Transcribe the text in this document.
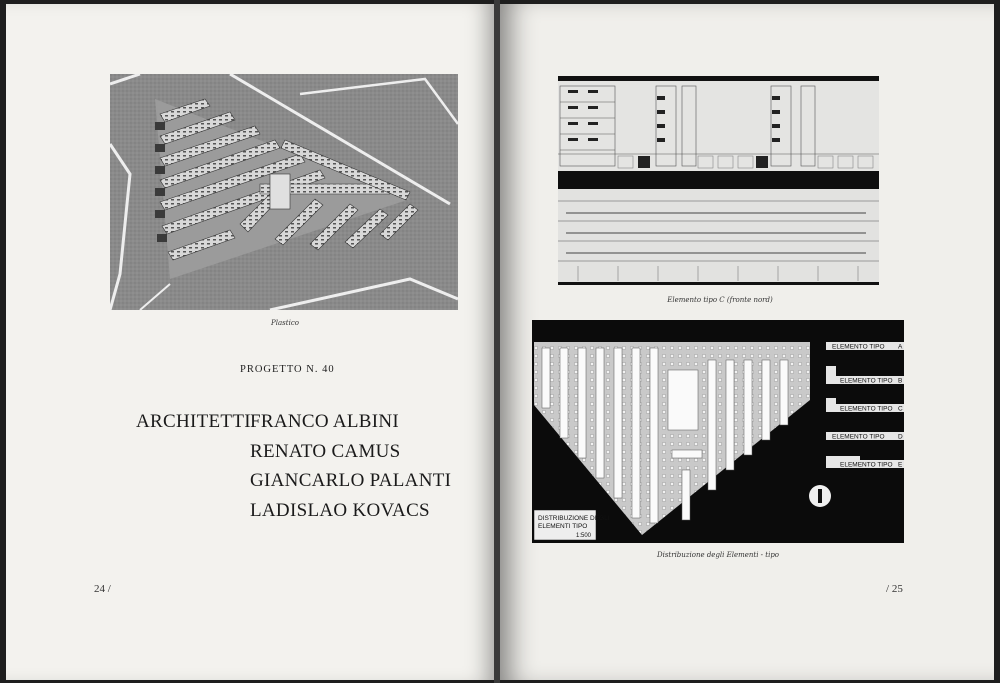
Plastico
PROGETTO N. 40
ARCHITETTI FRANCO ALBINI
RENATO CAMUS
GIANCARLO PALANTI
LADISLAO KOVACS
24 /
Elemento tipo C (fronte nord)
DISTRIBUZIONE DEGLI
ELEMENTI TIPO
1:500
ELEMENTO TIPO A
ELEMENTO TIPO B
ELEMENTO TIPO C
ELEMENTO TIPO D
ELEMENTO TIPO E
Distribuzione degli Elementi - tipo
/ 25
